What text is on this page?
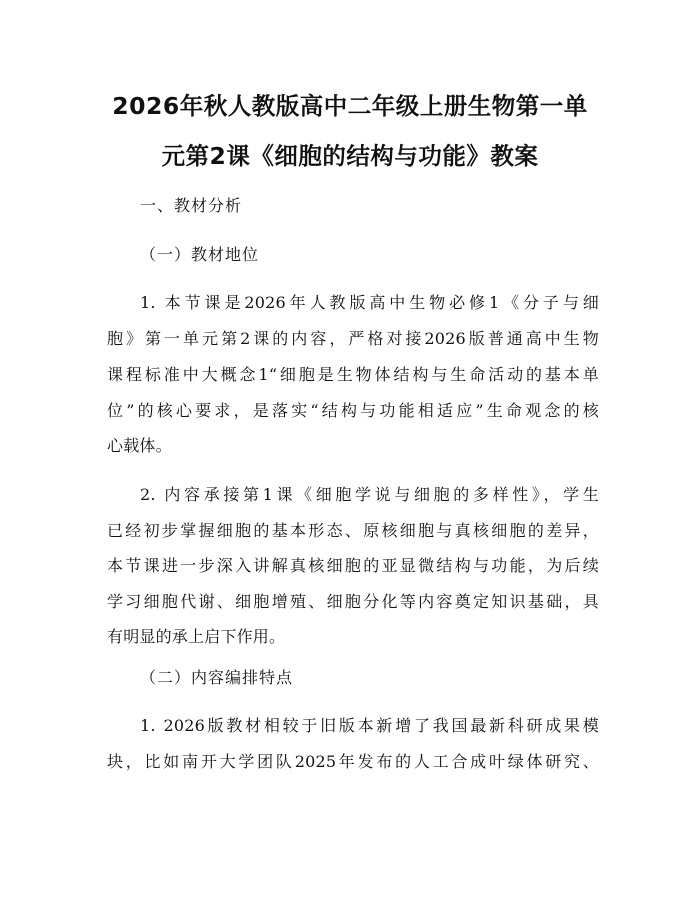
2026年秋人教版高中二年级上册生物第一单
元第2课《细胞的结构与功能》教案
一、教材分析
（一）教材地位
1. 本节课是2026年人教版高中生物必修1《分子与细
胞》第一单元第2课的内容，严格对接2026版普通高中生物
课程标准中大概念1“细胞是生物体结构与生命活动的基本单
位”的核心要求，是落实“结构与功能相适应”生命观念的核
心载体。
2. 内容承接第1课《细胞学说与细胞的多样性》，学生
已经初步掌握细胞的基本形态、原核细胞与真核细胞的差异，
本节课进一步深入讲解真核细胞的亚显微结构与功能，为后续
学习细胞代谢、细胞增殖、细胞分化等内容奠定知识基础，具
有明显的承上启下作用。
（二）内容编排特点
1. 2026版教材相较于旧版本新增了我国最新科研成果模
块，比如南开大学团队2025年发布的人工合成叶绿体研究、
